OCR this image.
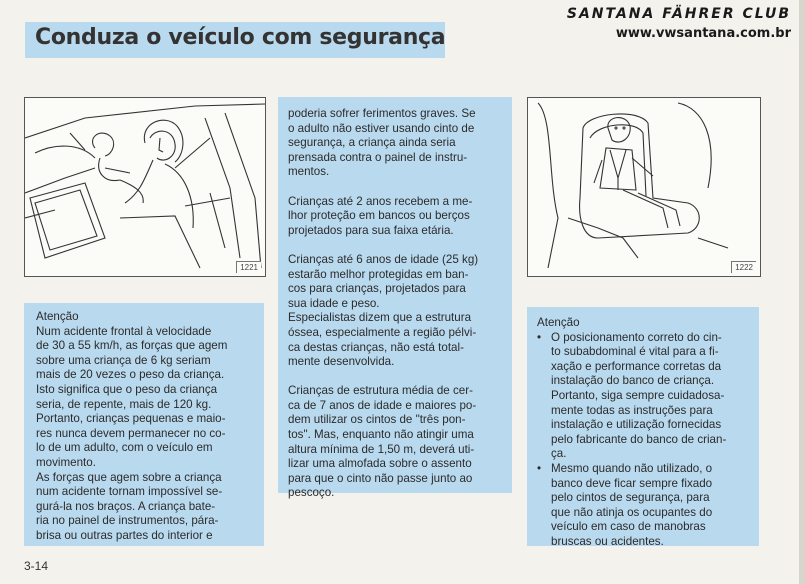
Conduza o veículo com segurança
SANTANA FÄHRER CLUB
www.vwsantana.com.br
1221	1222
Atenção
Num acidente frontal à velocidade
de 30 a 55 km/h, as forças que agem
sobre uma criança de 6 kg seriam
mais de 20 vezes o peso da criança.
Isto significa que o peso da criança
seria, de repente, mais de 120 kg.
Portanto, crianças pequenas e maio-
res nunca devem permanecer no co-
lo de um adulto, com o veículo em
movimento.
As forças que agem sobre a criança
num acidente tornam impossível se-
gurá-la nos braços. A criança bate-
ria no painel de instrumentos, pára-
brisa ou outras partes do interior e
poderia sofrer ferimentos graves. Se
o adulto não estiver usando cinto de
segurança, a criança ainda seria
prensada contra o painel de instru-
mentos.
Crianças até 2 anos recebem a me-
lhor proteção em bancos ou berços
projetados para sua faixa etária.
Crianças até 6 anos de idade (25 kg)
estarão melhor protegidas em ban-
cos para crianças, projetados para
sua idade e peso.
Especialistas dizem que a estrutura
óssea, especialmente a região pélvi-
ca destas crianças, não está total-
mente desenvolvida.
Crianças de estrutura média de cer-
ca de 7 anos de idade e maiores po-
dem utilizar os cintos de "três pon-
tos". Mas, enquanto não atingir uma
altura mínima de 1,50 m, deverá uti-
lizar uma almofada sobre o assento
para que o cinto não passe junto ao
pescoço.
Atenção
• O posicionamento correto do cin-
to subabdominal é vital para a fi-
xação e performance corretas da
instalação do banco de criança.
Portanto, siga sempre cuidadosa-
mente todas as instruções para
instalação e utilização fornecidas
pelo fabricante do banco de crian-
ça.
• Mesmo quando não utilizado, o
banco deve ficar sempre fixado
pelo cintos de segurança, para
que não atinja os ocupantes do
veículo em caso de manobras
bruscas ou acidentes.
3-14
